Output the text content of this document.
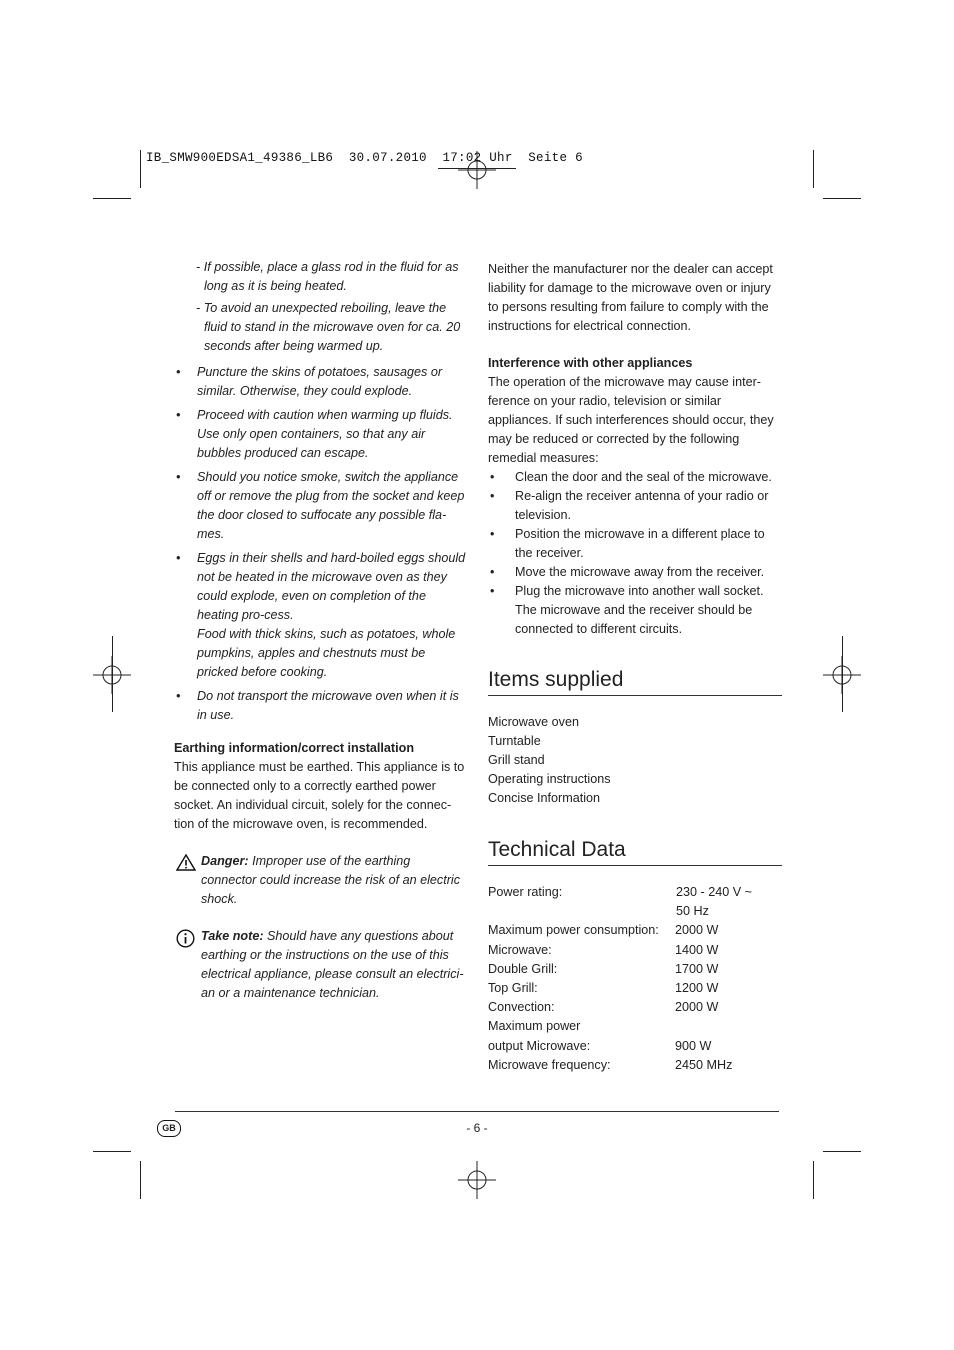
IB_SMW900EDSA1_49386_LB6  30.07.2010  17:02 Uhr  Seite 6

- If possible, place a glass rod in the fluid for as long as it is being heated.

- To avoid an unexpected reboiling, leave the fluid to stand in the microwave oven for ca. 20 seconds after being warmed up.

• Puncture the skins of potatoes, sausages or similar. Otherwise, they could explode.
• Proceed with caution when warming up fluids. Use only open containers, so that any air bubbles produced can escape.
• Should you notice smoke, switch the appliance off or remove the plug from the socket and keep the door closed to suffocate any possible fla-mes.
• Eggs in their shells and hard-boiled eggs should not be heated in the microwave oven as they could explode, even on completion of the heating pro-cess.
Food with thick skins, such as potatoes, whole pumpkins, apples and chestnuts must be pricked before cooking.
• Do not transport the microwave oven when it is in use.

Earthing information/correct installation

This appliance must be earthed. This appliance is to be connected only to a correctly earthed power socket. An individual circuit, solely for the connec-tion of the microwave oven, is recommended.

Danger: Improper use of the earthing connector could increase the risk of an electric shock.
Take note: Should have any questions about earthing or the instructions on the use of this electrical appliance, please consult an electrici-an or a maintenance technician.

Neither the manufacturer nor the dealer can accept liability for damage to the microwave oven or injury to persons resulting from failure to comply with the instructions for electrical connection.

Interference with other appliances

The operation of the microwave may cause inter-ference on your radio, television or similar appliances. If such interferences should occur, they may be reduced or corrected by the following remedial measures:

• Clean the door and the seal of the microwave.
• Re-align the receiver antenna of your radio or television.
• Position the microwave in a different place to the receiver.
• Move the microwave away from the receiver.
• Plug the microwave into another wall socket. The microwave and the receiver should be connected to different circuits.
Items supplied

Microwave oven

Turntable

Grill stand

Operating instructions

Concise Information

Technical Data
Power rating:	230 - 240 V ~
	50 Hz
Maximum power consumption:	2000 W
Microwave:	1400 W
Double Grill:	1700 W
Top Grill:	1200 W
Convection:	2000 W
Maximum power	
output Microwave:	900 W
Microwave frequency:	2450 MHz
GB	- 6 -
